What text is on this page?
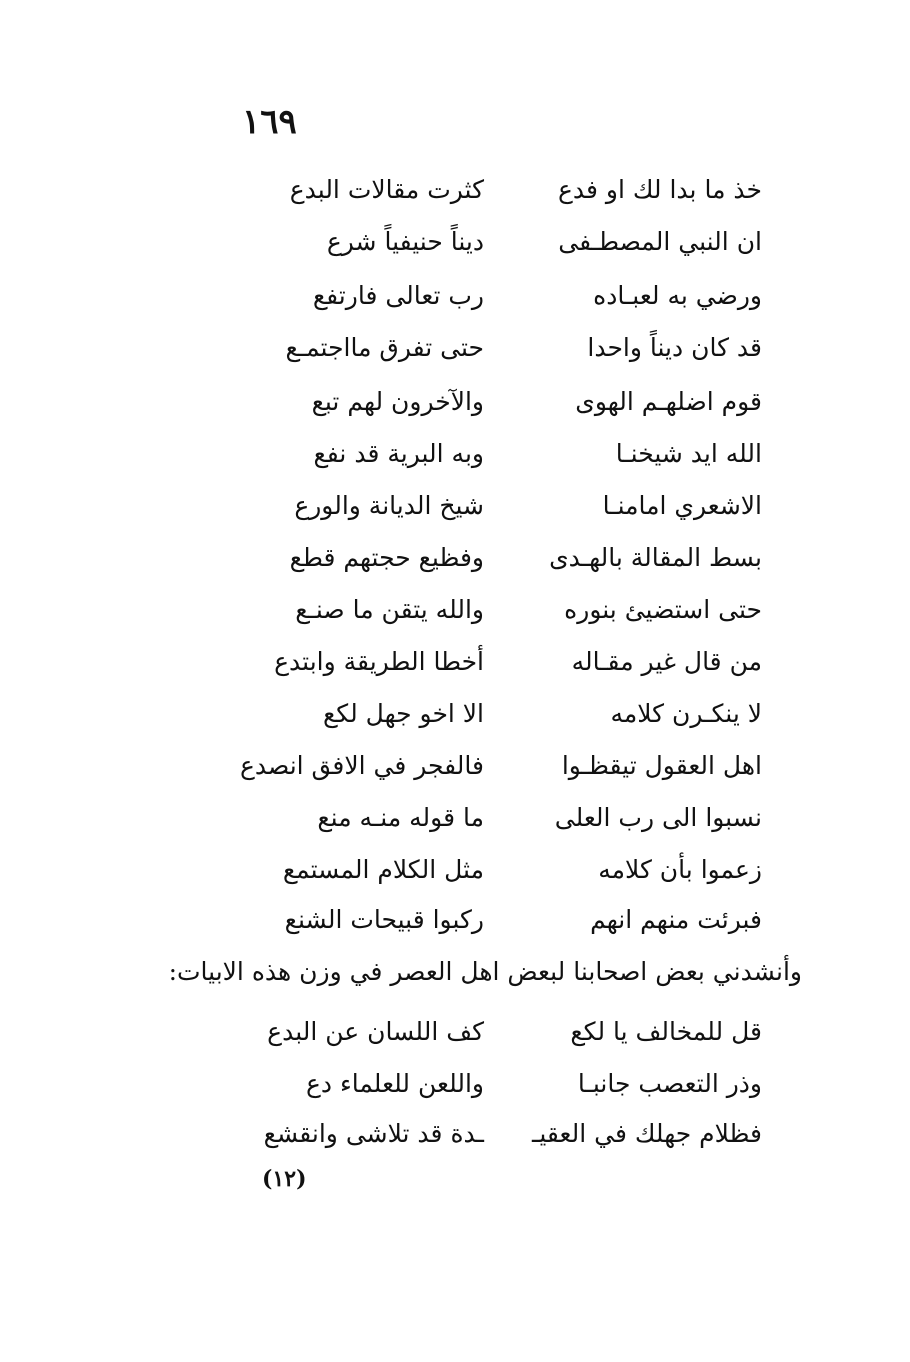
١٦٩
خذ ما بدا لك او فدع
كثرت مقالات البدع
ان النبي المصطـفى
ديناً حنيفياً شرع
ورضي به لعبـاده
رب تعالى فارتفع
قد كان ديناً واحدا
حتى تفرق مااجتمـع
قوم اضلهـم الهوى
والآخرون لهم تبع
الله ايد شيخنـا
وبه البرية قد نفع
الاشعري امامنـا
شيخ الديانة والورع
بسط المقالة بالهـدى
وفظيع حجتهم قطع
حتى استضيئ بنوره
والله يتقن ما صنـع
من قال غير مقـاله
أخطا الطريقة وابتدع
لا ينكـرن كلامه
الا اخو جهل لكع
اهل العقول تيقظـوا
فالفجر في الافق انصدع
نسبوا الى رب العلى
ما قوله منـه منع
زعموا بأن كلامه
مثل الكلام المستمع
فبرئت منهم انهم
ركبوا قبيحات الشنع
وأنشدني بعض اصحابنا لبعض اهل العصر في وزن هذه الابيات:
قل للمخالف يا لكع
كف اللسان عن البدع
وذر التعصب جانبـا
واللعن للعلماء دع
فظلام جهلك في العقيـ
ـدة قد تلاشى وانقشع
(١٢)
